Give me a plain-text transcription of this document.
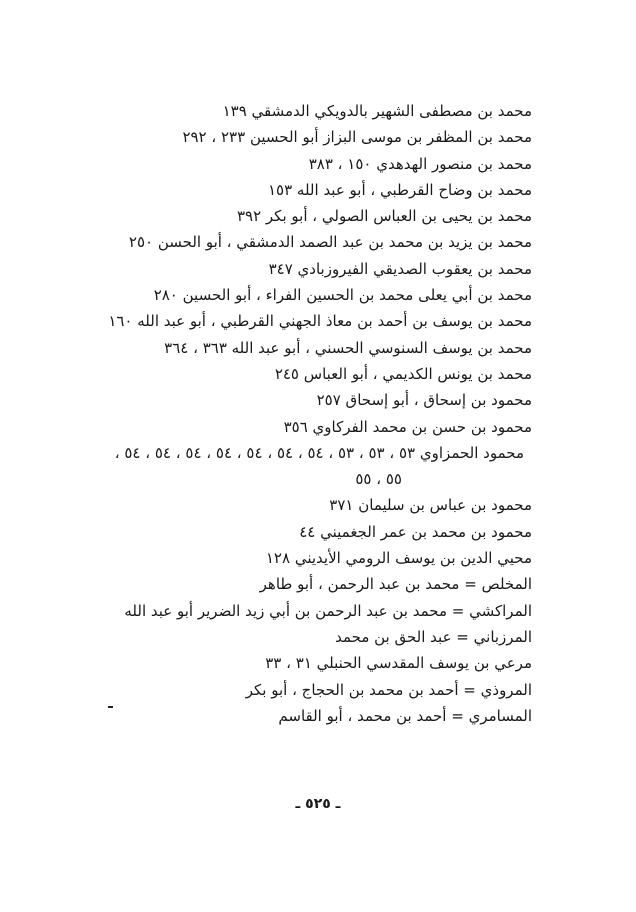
محمد بن مصطفى الشهير بالدويكي الدمشقي ١٣٩
محمد بن المظفر بن موسى البزاز أبو الحسين ٢٣٣ ، ٢٩٢
محمد بن منصور الهدهدي ١٥٠ ، ٣٨٣
محمد بن وضاح القرطبي ، أبو عبد الله ١٥٣
محمد بن يحيى بن العباس الصولي ، أبو بكر ٣٩٢
محمد بن يزيد بن محمد بن عبد الصمد الدمشقي ، أبو الحسن ٢٥٠
محمد بن يعقوب الصديقي الفيروزبادي ٣٤٧
محمد بن أبي يعلى محمد بن الحسين الفراء ، أبو الحسين ٢٨٠
محمد بن يوسف بن أحمد بن معاذ الجهني القرطبي ، أبو عبد الله ١٦٠
محمد بن يوسف السنوسي الحسني ، أبو عبد الله ٣٦٣ ، ٣٦٤
محمد بن يونس الكديمي ، أبو العباس ٢٤٥
محمود بن إسحاق ، أبو إسحاق ٢٥٧
محمود بن حسن بن محمد الفركاوي ٣٥٦
محمود الحمزاوي ٥٣ ، ٥٣ ، ٥٣ ، ٥٤ ، ٥٤ ، ٥٤ ، ٥٤ ، ٥٤ ، ٥٤ ، ٥٤ ،
٥٥ ، ٥٥
محمود بن عباس بن سليمان ٣٧١
محمود بن محمد بن عمر الجغميني ٤٤
محيي الدين بن يوسف الرومي الأيديني ١٢٨
المخلص = محمد بن عبد الرحمن ، أبو طاهر
المراكشي = محمد بن عبد الرحمن بن أبي زيد الضرير أبو عبد الله
المرزباني = عبد الحق بن محمد
مرعي بن يوسف المقدسي الحنبلي ٣١ ، ٣٣
المروذي = أحمد بن محمد بن الحجاج ، أبو بكر
المسامري = أحمد بن محمد ، أبو القاسم
ـ ٥٢٥ ـ
